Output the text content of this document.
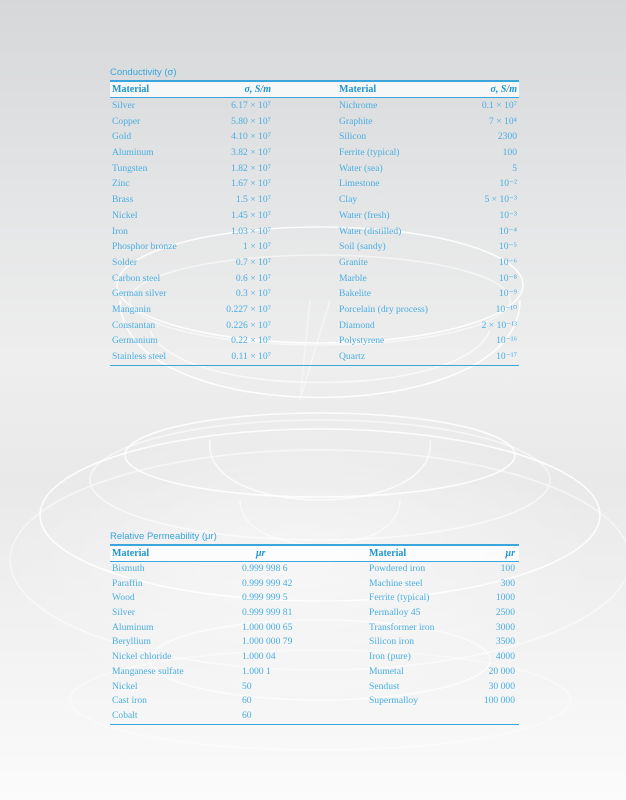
Conductivity (σ)
Material	σ, S/m	Material	σ, S/m
Silver	6.17 × 10⁷	Nichrome	0.1 × 10⁷
Copper	5.80 × 10⁷	Graphite	7 × 10⁴
Gold	4.10 × 10⁷	Silicon	2300
Aluminum	3.82 × 10⁷	Ferrite (typical)	100
Tungsten	1.82 × 10⁷	Water (sea)	5
Zinc	1.67 × 10⁷	Limestone	10⁻²
Brass	1.5 × 10⁷	Clay	5 × 10⁻³
Nickel	1.45 × 10⁷	Water (fresh)	10⁻³
Iron	1.03 × 10⁷	Water (distilled)	10⁻⁴
Phosphor bronze	1 × 10⁷	Soil (sandy)	10⁻⁵
Solder	0.7 × 10⁷	Granite	10⁻⁶
Carbon steel	0.6 × 10⁷	Marble	10⁻⁸
German silver	0.3 × 10⁷	Bakelite	10⁻⁹
Manganin	0.227 × 10⁷	Porcelain (dry process)	10⁻¹⁰
Constantan	0.226 × 10⁷	Diamond	2 × 10⁻¹³
Germanium	0.22 × 10⁷	Polystyrene	10⁻¹⁶
Stainless steel	0.11 × 10⁷	Quartz	10⁻¹⁷
Relative Permeability (μr)
Material	μr	Material	μr
Bismuth	0.999 998 6	Powdered iron	100
Paraffin	0.999 999 42	Machine steel	300
Wood	0.999 999 5	Ferrite (typical)	1000
Silver	0.999 999 81	Permalloy 45	2500
Aluminum	1.000 000 65	Transformer iron	3000
Beryllium	1.000 000 79	Silicon iron	3500
Nickel chloride	1.000 04	Iron (pure)	4000
Manganese sulfate	1.000 1	Mumetal	20 000
Nickel	50	Sendust	30 000
Cast iron	60	Supermalloy	100 000
Cobalt	60
